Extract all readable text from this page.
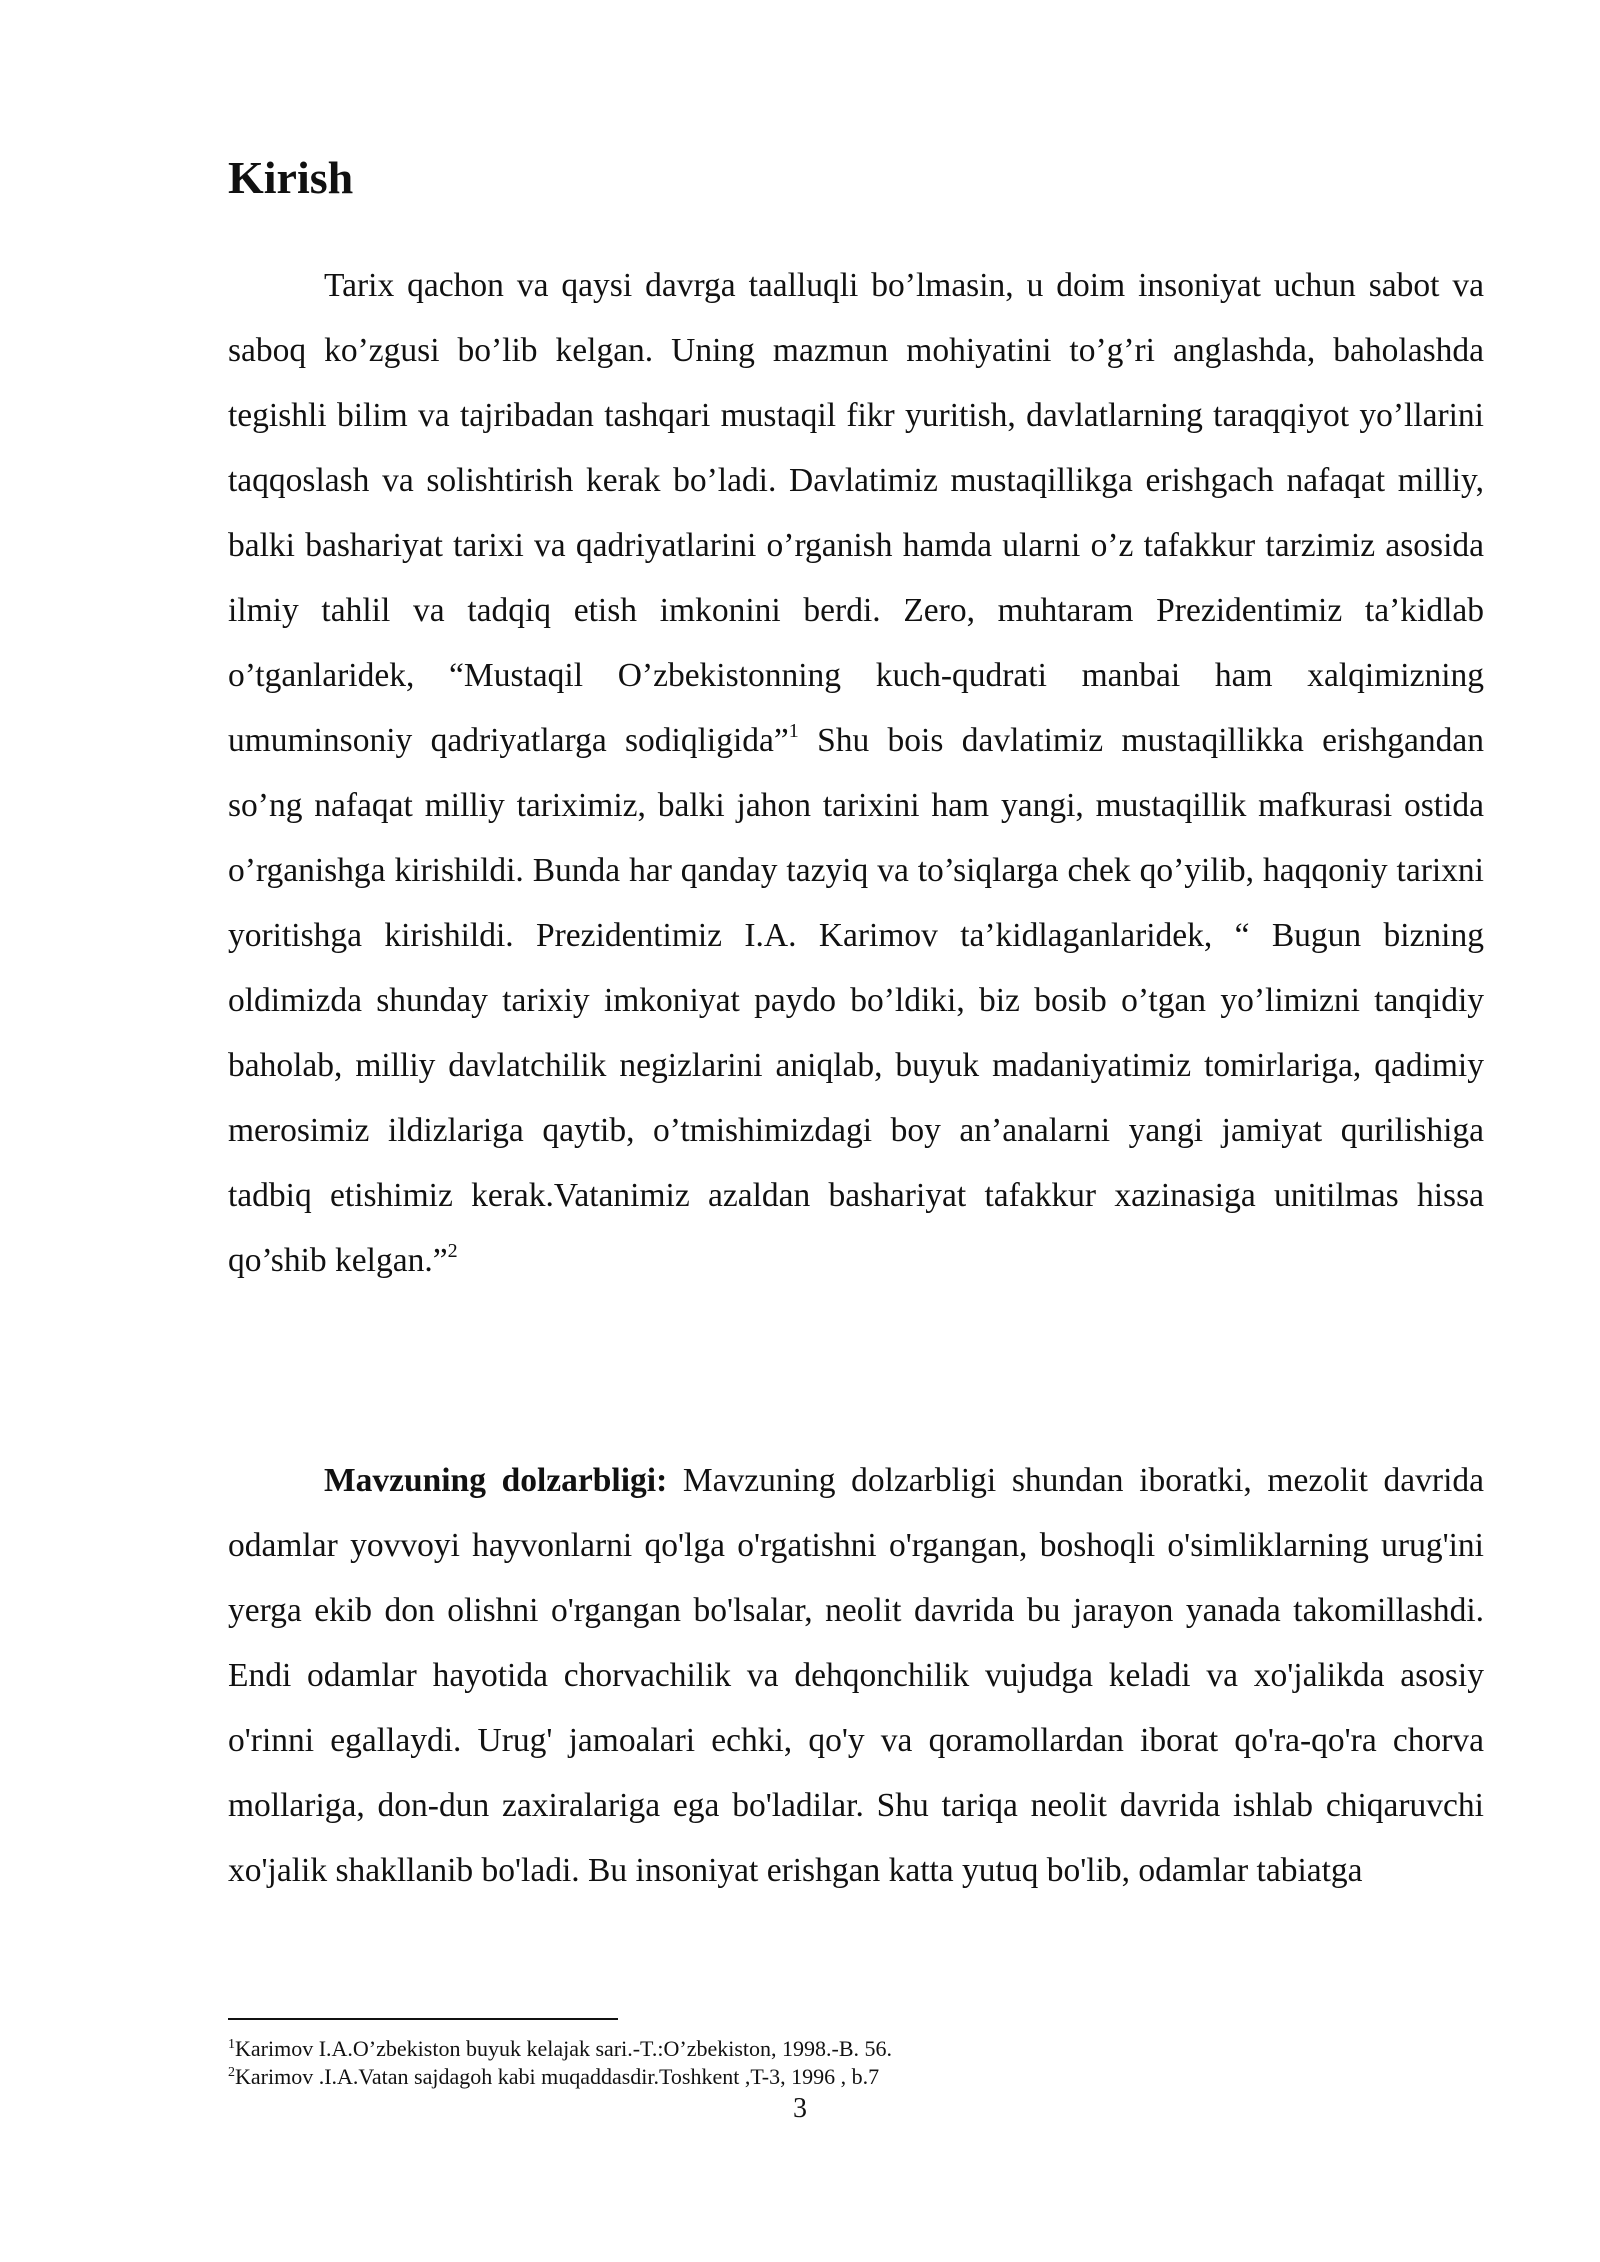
Kirish

Tarix qachon va qaysi davrga taalluqli bo’lmasin, u doim insoniyat uchun sabot va saboq ko’zgusi bo’lib kelgan. Uning mazmun mohiyatini to’g’ri anglashda, baholashda tegishli bilim va tajribadan tashqari mustaqil fikr yuritish, davlatlarning taraqqiyot yo’llarini taqqoslash va solishtirish kerak bo’ladi. Davlatimiz mustaqillikga erishgach nafaqat milliy, balki bashariyat tarixi va qadriyatlarini o’rganish hamda ularni o’z tafakkur tarzimiz asosida ilmiy tahlil va tadqiq etish imkonini berdi. Zero, muhtaram Prezidentimiz ta’kidlab o’tganlaridek, “Mustaqil O’zbekistonning kuch-qudrati manbai ham xalqimizning umuminsoniy qadriyatlarga sodiqligida”$^1$ Shu bois davlatimiz mustaqillikka erishgandan so’ng nafaqat milliy tariximiz, balki jahon tarixini ham yangi, mustaqillik mafkurasi ostida o’rganishga kirishildi. Bunda har qanday tazyiq va to’siqlarga chek qo’yilib, haqqoniy tarixni yoritishga kirishildi. Prezidentimiz I.A. Karimov ta’kidlaganlaridek, “ Bugun bizning oldimizda shunday tarixiy imkoniyat paydo bo’ldiki, biz bosib o’tgan yo’limizni tanqidiy baholab, milliy davlatchilik negizlarini aniqlab, buyuk madaniyatimiz tomirlariga, qadimiy merosimiz ildizlariga qaytib, o’tmishimizdagi boy an’analarni yangi jamiyat qurilishiga tadbiq etishimiz kerak.Vatanimiz azaldan bashariyat tafakkur xazinasiga unitilmas hissa qo’shib kelgan.”$^2$

Mavzuning dolzarbligi: Mavzuning dolzarbligi shundan iboratki, mezolit davrida odamlar yovvoyi hayvonlarni qo'lga o'rgatishni o'rgangan, boshoqli o'simliklarning urug'ini yerga ekib don olishni o'rgangan bo'lsalar, neolit davrida bu jarayon yanada takomillashdi. Endi odamlar hayotida chorvachilik va dehqonchilik vujudga keladi va xo'jalikda asosiy o'rinni egallaydi. Urug' jamoalari echki, qo'y va qoramollardan iborat qo'ra-qo'ra chorva mollariga, don-dun zaxiralariga ega bo'ladilar. Shu tariqa neolit davrida ishlab chiqaruvchi xo'jalik shakllanib bo'ladi. Bu insoniyat erishgan katta yutuq bo'lib, odamlar tabiatga

$^1$Karimov I.A.O’zbekiston buyuk kelajak sari.-T.:O’zbekiston, 1998.-B. 56.

$^2$Karimov .I.A.Vatan sajdagoh kabi muqaddasdir.Toshkent ,T-3, 1996 , b.7

3
